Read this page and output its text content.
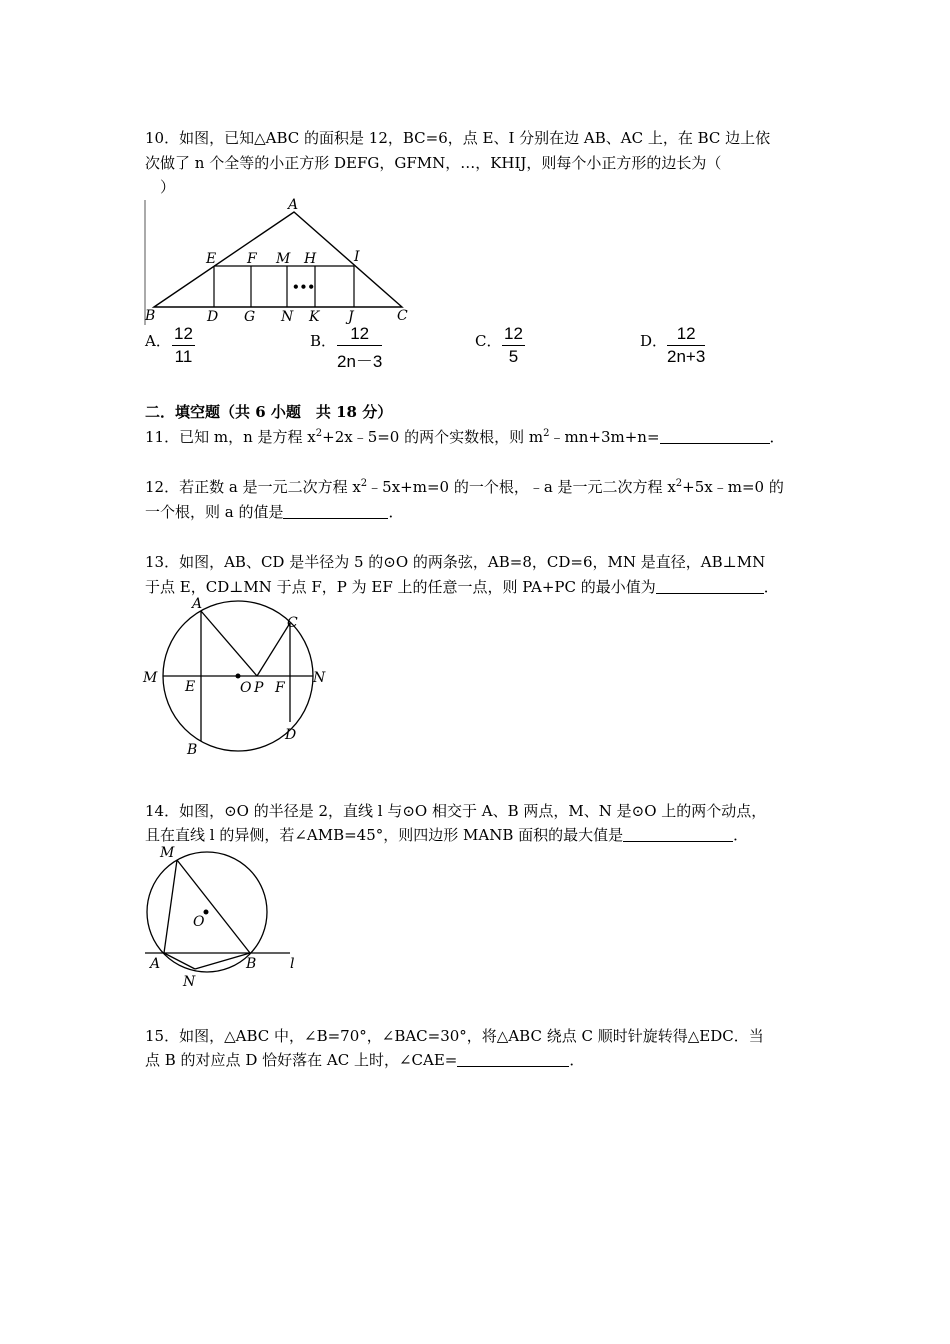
10．如图，已知△ABC 的面积是 12，BC=6，点 E、I 分别在边 AB、AC 上，在 BC 边上依
次做了 n 个全等的小正方形 DEFG，GFMN，…，KHIJ，则每个小正方形的边长为（
）
A
B	C
E F M H	I
D G N K J
•••
A． $\frac{12}{11}$	B． $\frac{12}{2n-3}$	C． $\frac{12}{5}$	D． $\frac{12}{2n+3}$
二．填空题（共 6 小题　共 18 分）
11．已知 m，n 是方程 $x^2+2x﹣5=0$ 的两个实数根，则 $m^2﹣mn+3m+n=$	．
12．若正数 a 是一元二次方程 $x^2﹣5x+m=0$ 的一个根，﹣a 是一元二次方程 $x^2+5x﹣m=0$ 的
一个根，则 a 的值是	．
13．如图，AB、CD 是半径为 5 的⊙O 的两条弦，AB=8，CD=6，MN 是直径，AB⊥MN
于点 E，CD⊥MN 于点 F，P 为 EF 上的任意一点，则 PA+PC 的最小值为	．
A
C
M	N
E	O P F
B
D
14．如图，⊙O 的半径是 2，直线 l 与⊙O 相交于 A、B 两点，M、N 是⊙O 上的两个动点，
且在直线 l 的异侧，若∠AMB=45°，则四边形 MANB 面积的最大值是	．
M
O
A	B
N
l
15．如图，△ABC 中，∠B=70°，∠BAC=30°，将△ABC 绕点 C 顺时针旋转得△EDC．当
点 B 的对应点 D 恰好落在 AC 上时，∠CAE=	．
